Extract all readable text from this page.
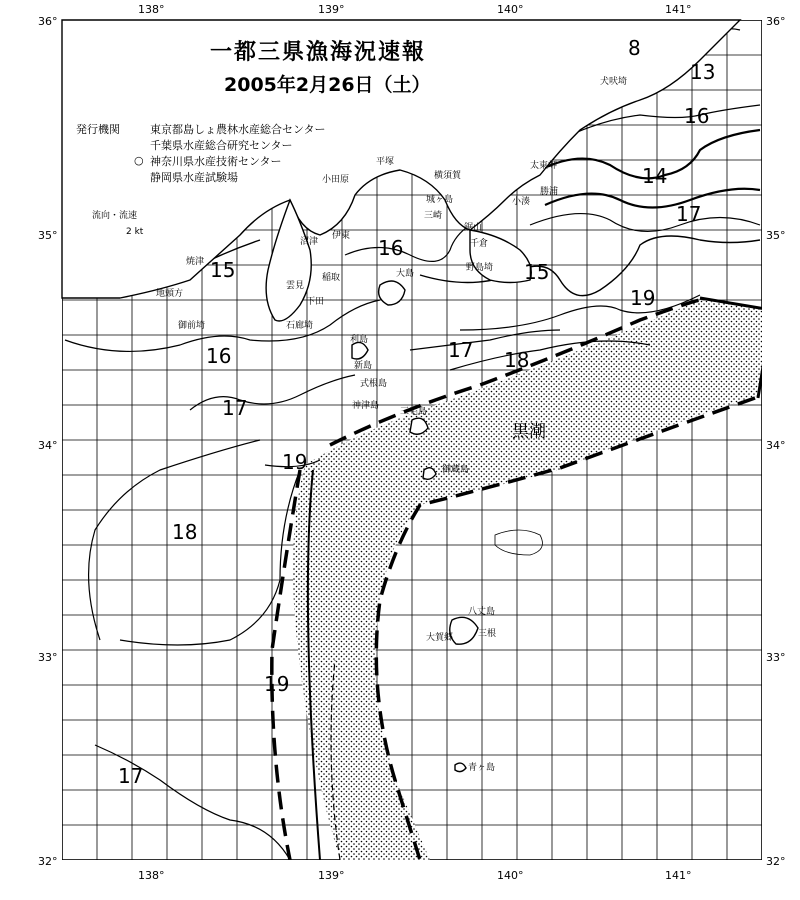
138°	139°	140°	141°
138°	139°	140°	141°
36°
35°
34°
33°
32°
36°
35°
34°
33°
32°
一都三県漁海況速報
2005年2月26日（土）
発行機関	東京都島しょ農林水産総合センター
千葉県水産総合研究センター
○ 神奈川県水産技術センター
静岡県水産試験場
流向・流速
2 kt
犬吠埼
太東岬
勝浦
小湊
千倉
野島埼
鋸山
横須賀
城ヶ島
三崎
平塚
小田原
伊東
沼津
稲取
焼津
地頭方
御前埼
雲見
下田
石廊埼
大島
利島
新島
式根島
神津島
三宅島
御蔵島
八丈島
大賀郷	三根
青ヶ島
黒潮
8
13
16
14
17
16
15	15
19
16	17 18
17
19
18
19
17
